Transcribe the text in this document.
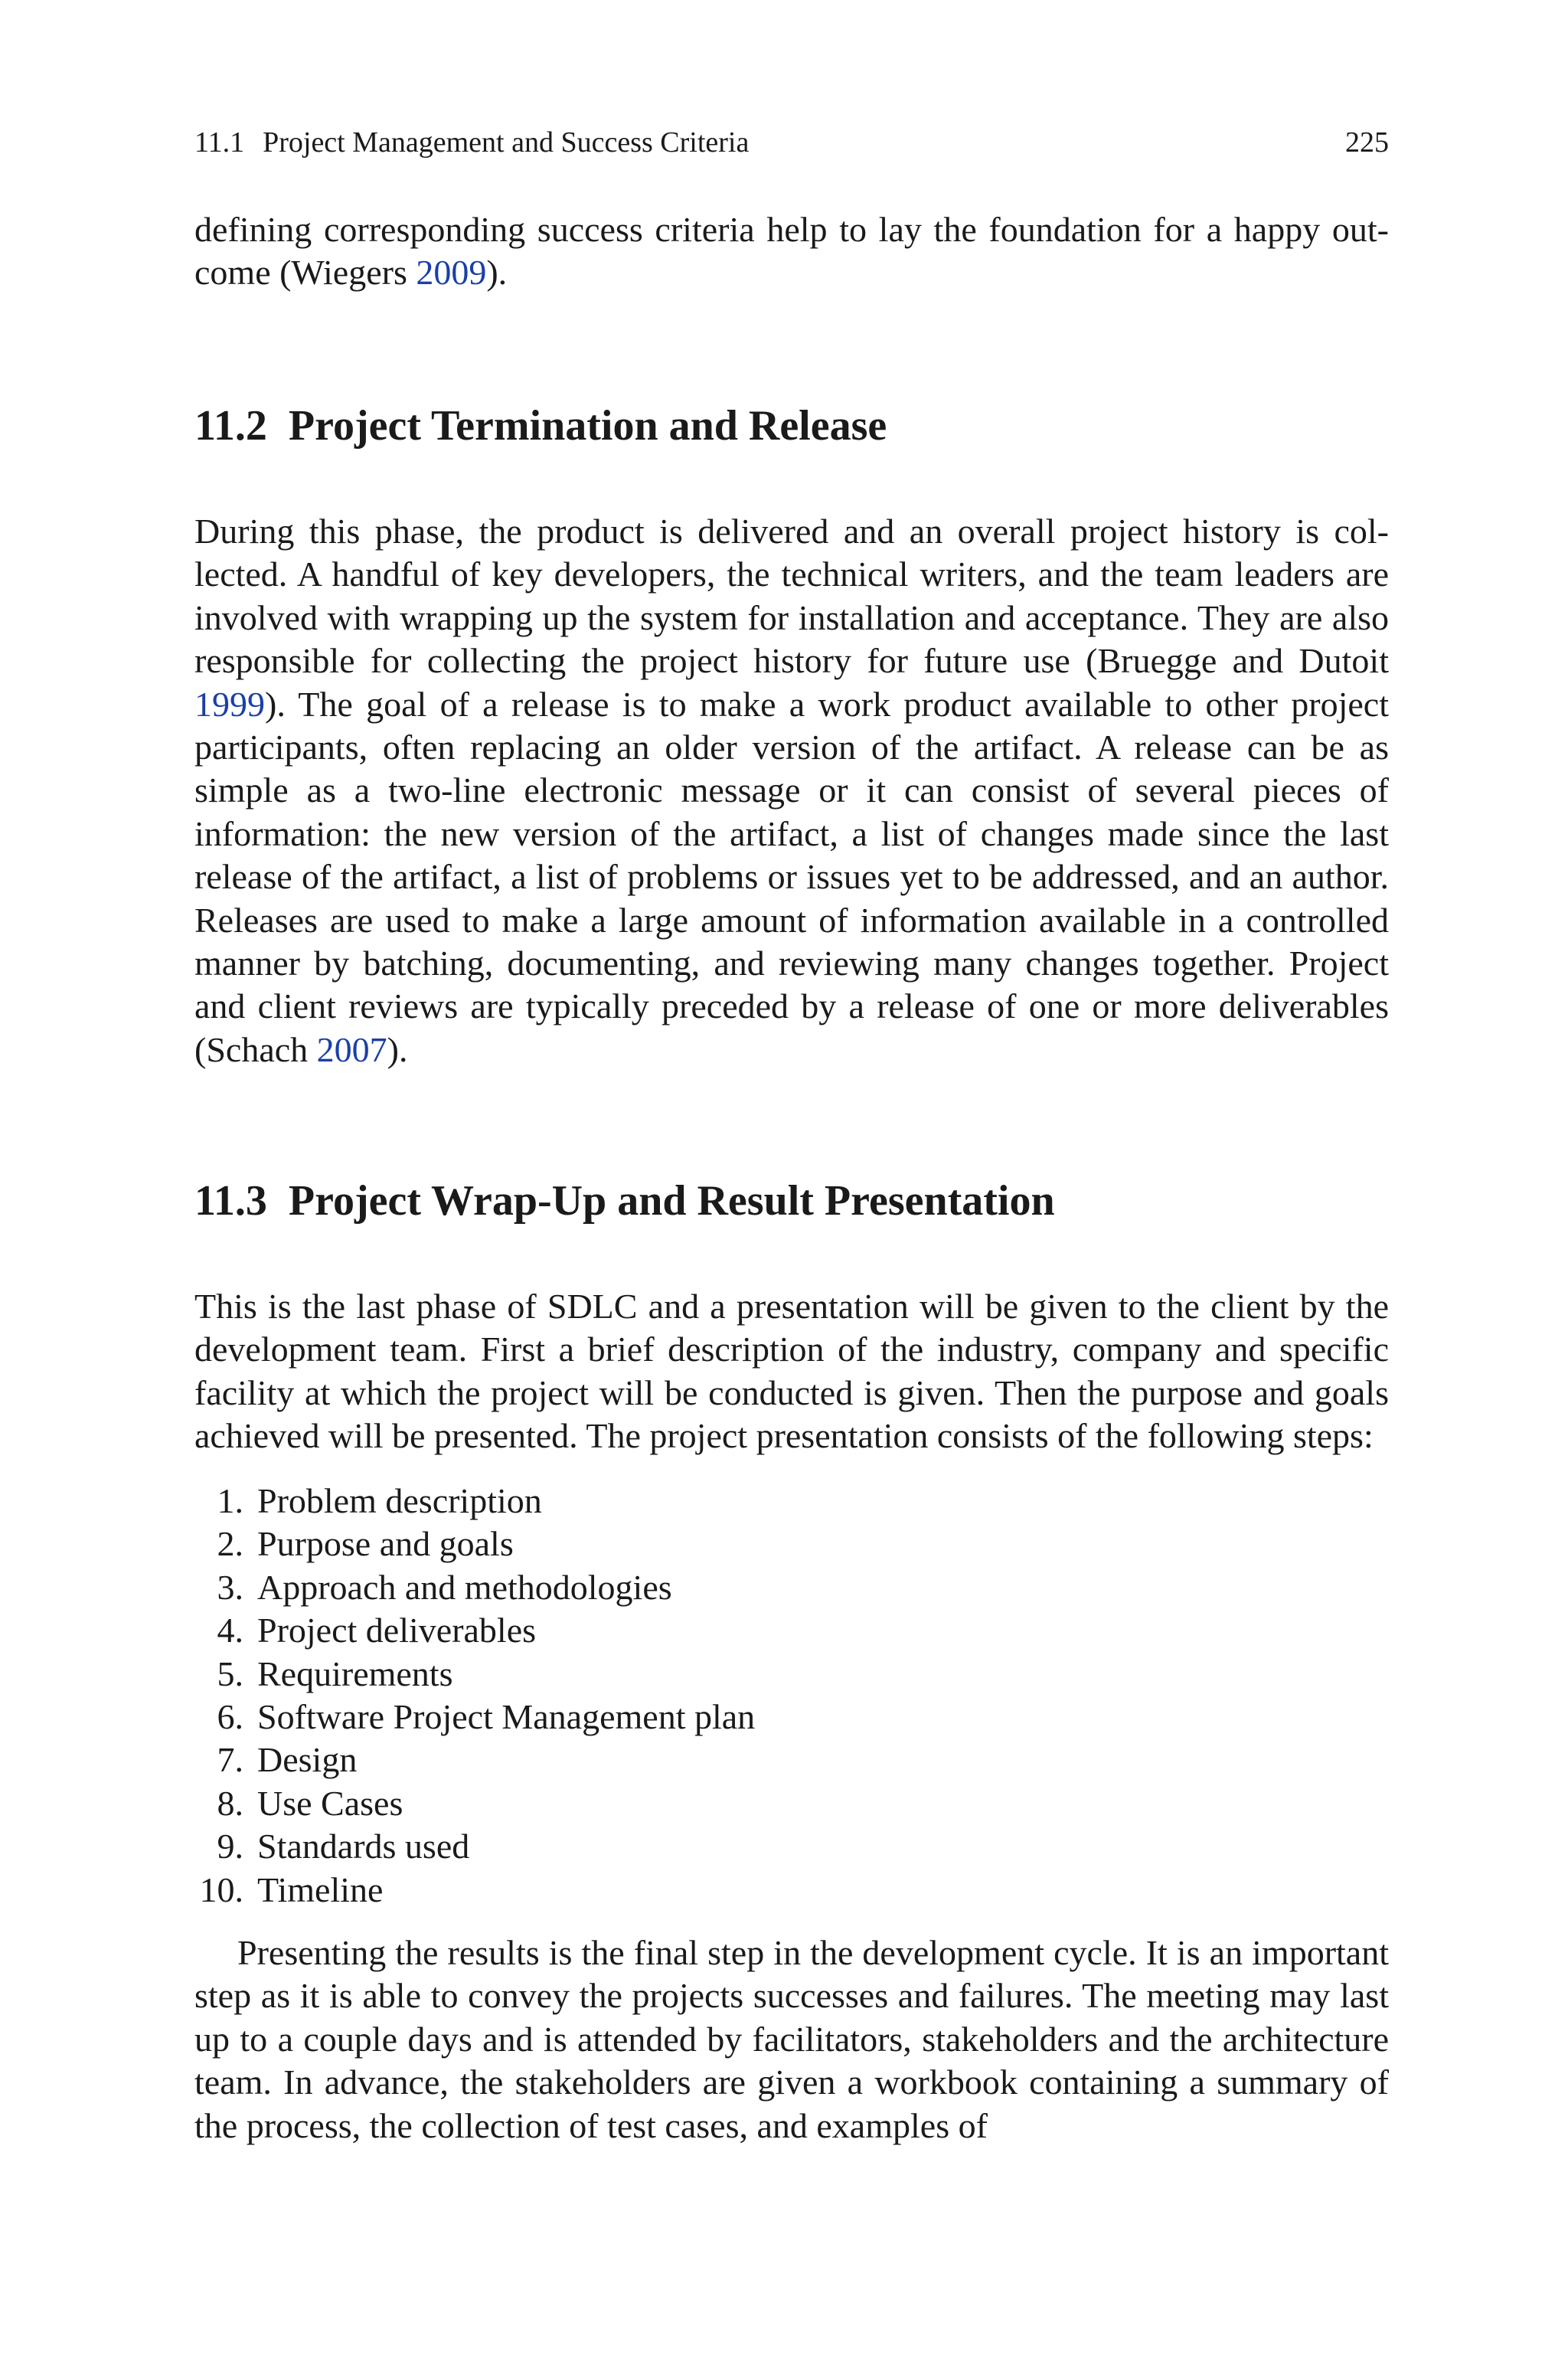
11.1 Project Management and Success Criteria	225

defining corresponding success criteria help to lay the foundation for a happy out-come (Wiegers 2009).

11.2 Project Termination and Release

During this phase, the product is delivered and an overall project history is col-lected. A handful of key developers, the technical writers, and the team leaders are involved with wrapping up the system for installation and acceptance. They are also responsible for collecting the project history for future use (Bruegge and Dutoit 1999). The goal of a release is to make a work product available to other project participants, often replacing an older version of the artifact. A release can be as simple as a two-line electronic message or it can consist of several pieces of information: the new version of the artifact, a list of changes made since the last release of the artifact, a list of problems or issues yet to be addressed, and an author. Releases are used to make a large amount of information available in a controlled manner by batching, documenting, and reviewing many changes together. Project and client reviews are typically preceded by a release of one or more deliverables (Schach 2007).

11.3 Project Wrap-Up and Result Presentation

This is the last phase of SDLC and a presentation will be given to the client by the development team. First a brief description of the industry, company and specific facility at which the project will be conducted is given. Then the purpose and goals achieved will be presented. The project presentation consists of the following steps:

1. Problem description
2. Purpose and goals
3. Approach and methodologies
4. Project deliverables
5. Requirements
6. Software Project Management plan
7. Design
8. Use Cases
9. Standards used
10. Timeline

Presenting the results is the final step in the development cycle. It is an important step as it is able to convey the projects successes and failures. The meeting may last up to a couple days and is attended by facilitators, stakeholders and the architecture team. In advance, the stakeholders are given a workbook containing a summary of the process, the collection of test cases, and examples of
